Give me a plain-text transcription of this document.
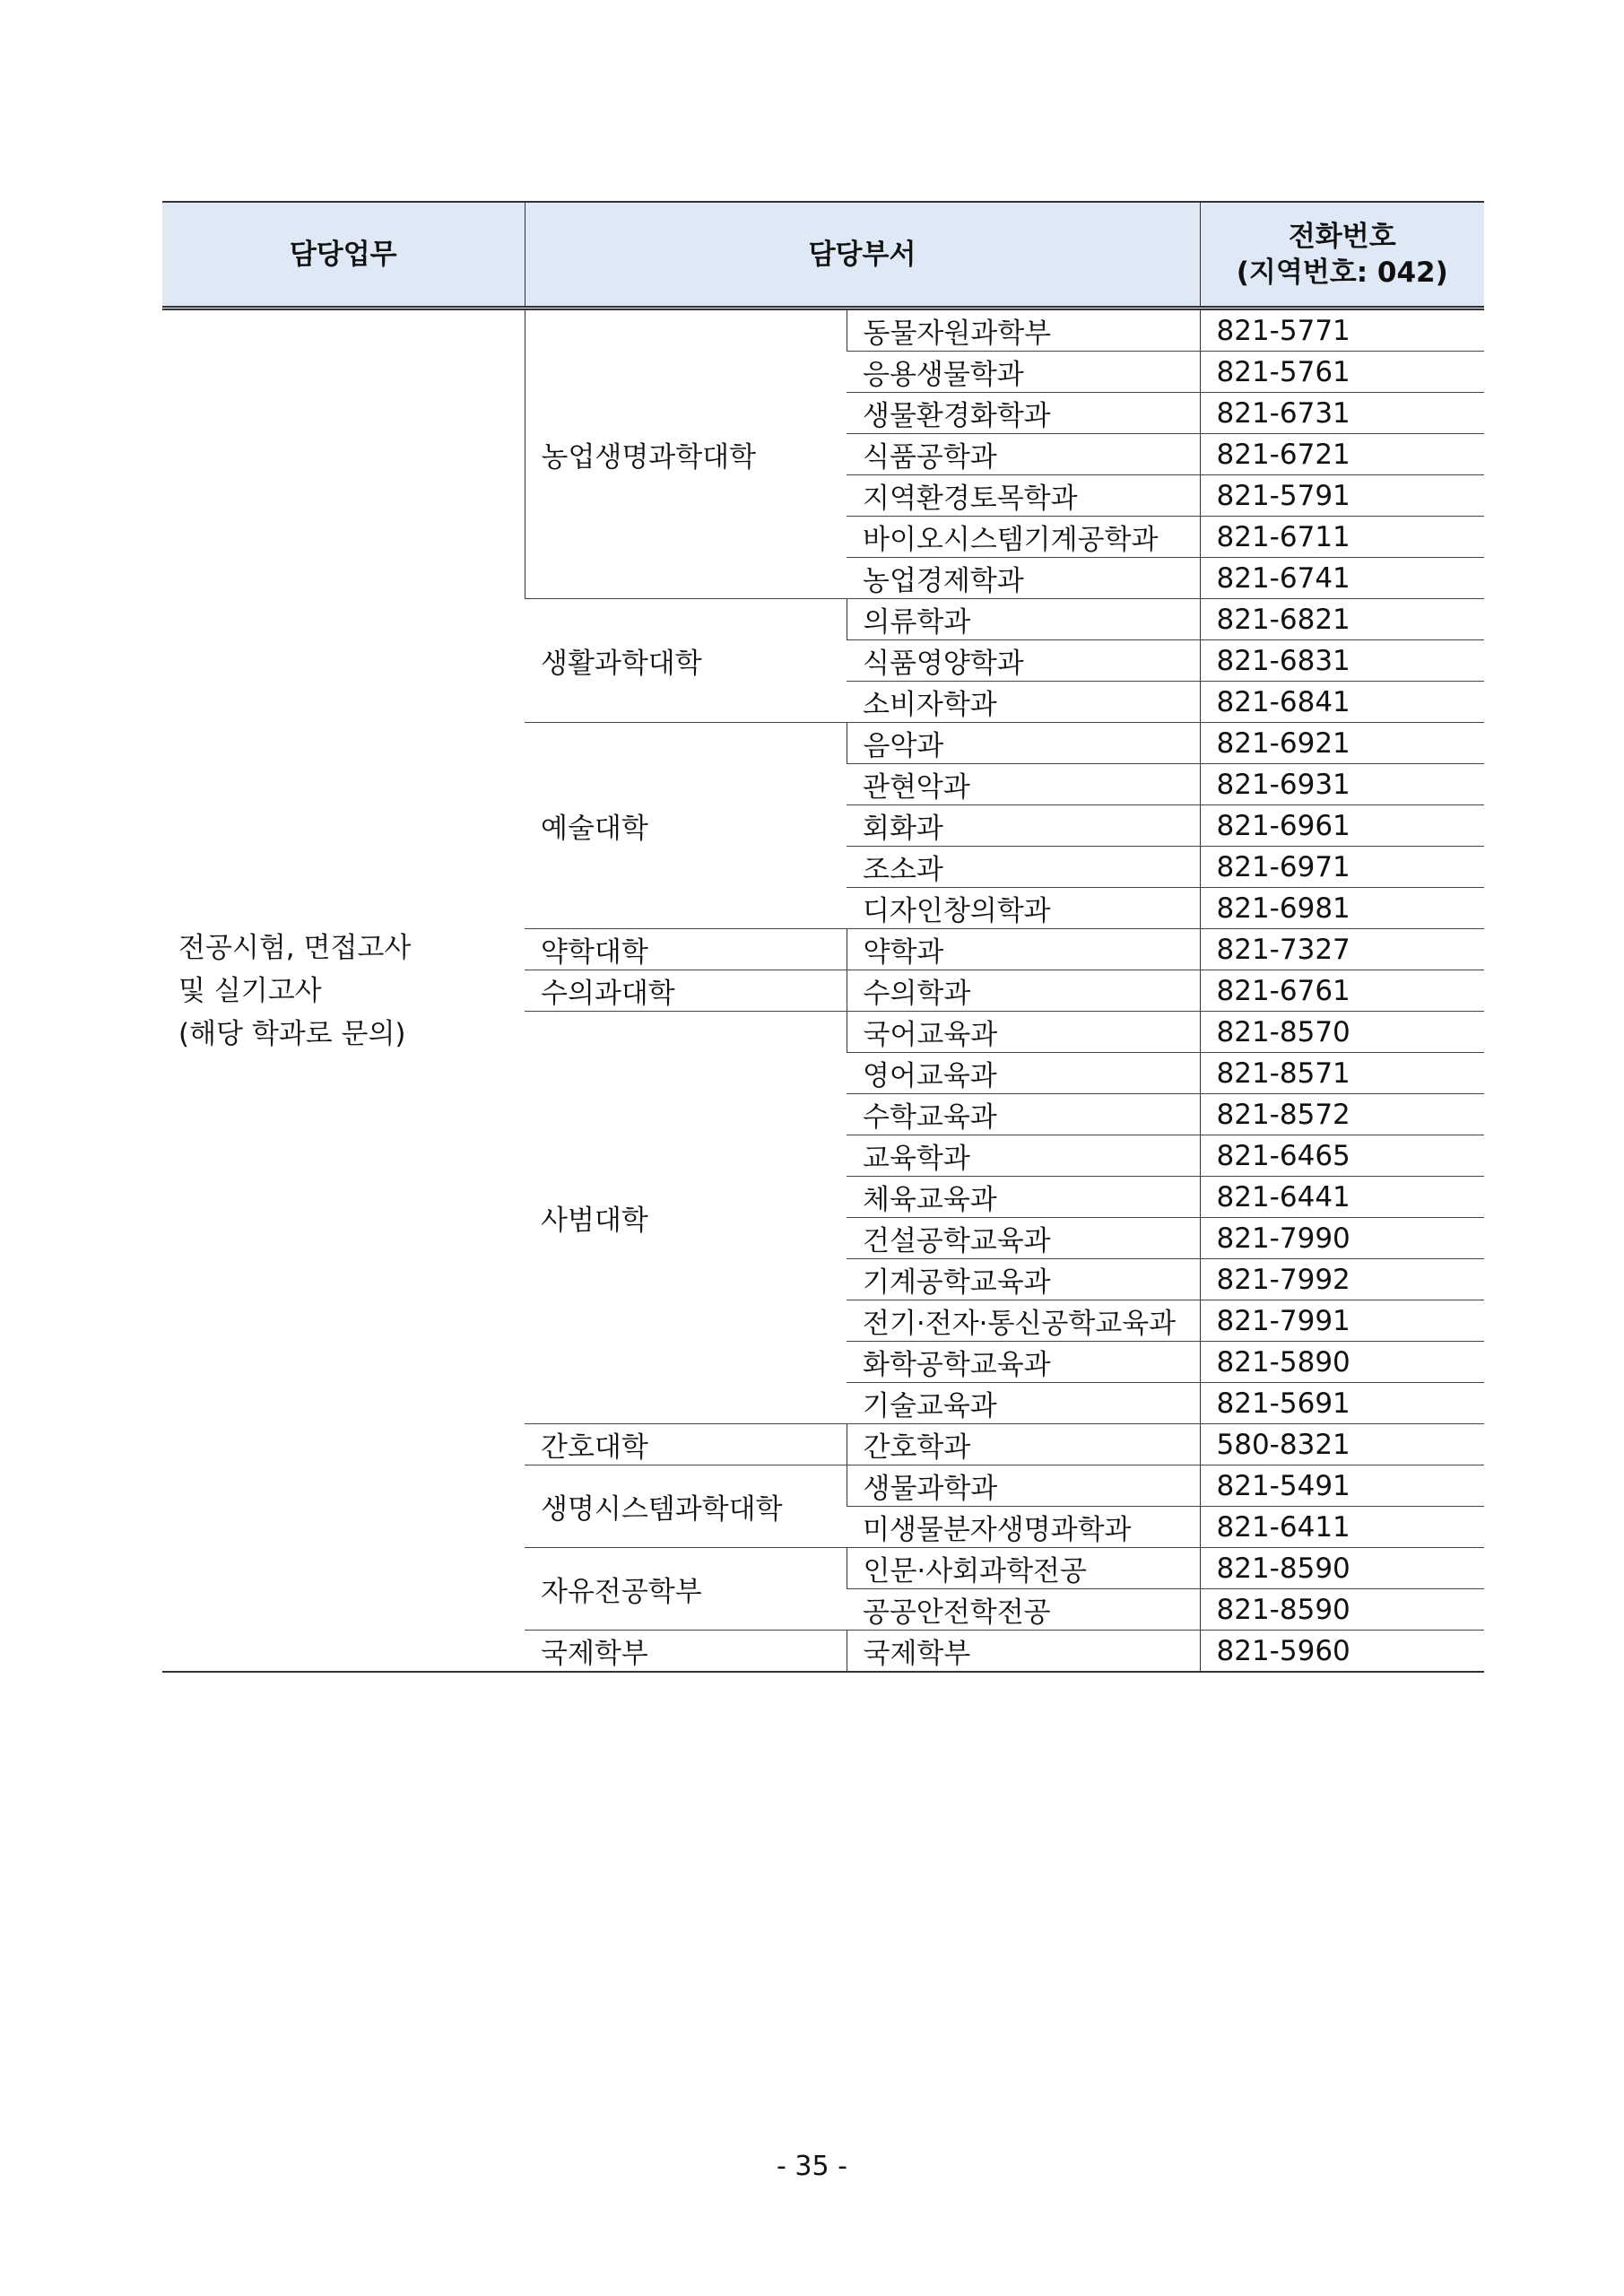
담당업무	담당부서		전화번호
(지역번호: 042)

전공시험, 면접고사
및 실기고사
(해당 학과로 문의)	농업생명과학대학	동물자원과학부	821-5771
		응용생물학과	821-5761
		생물환경화학과	821-6731
		식품공학과	821-6721
		지역환경토목학과	821-5791
		바이오시스템기계공학과	821-6711
		농업경제학과	821-6741
	생활과학대학	의류학과	821-6821
		식품영양학과	821-6831
		소비자학과	821-6841
	예술대학	음악과	821-6921
		관현악과	821-6931
		회화과	821-6961
		조소과	821-6971
		디자인창의학과	821-6981
	약학대학	약학과	821-7327
	수의과대학	수의학과	821-6761
	사범대학	국어교육과	821-8570
		영어교육과	821-8571
		수학교육과	821-8572
		교육학과	821-6465
		체육교육과	821-6441
		건설공학교육과	821-7990
		기계공학교육과	821-7992
		전기·전자·통신공학교육과	821-7991
		화학공학교육과	821-5890
		기술교육과	821-5691
	간호대학	간호학과	580-8321
	생명시스템과학대학	생물과학과	821-5491
		미생물분자생명과학과	821-6411
	자유전공학부	인문·사회과학전공	821-8590
		공공안전학전공	821-8590
	국제학부	국제학부	821-5960
- 35 -
